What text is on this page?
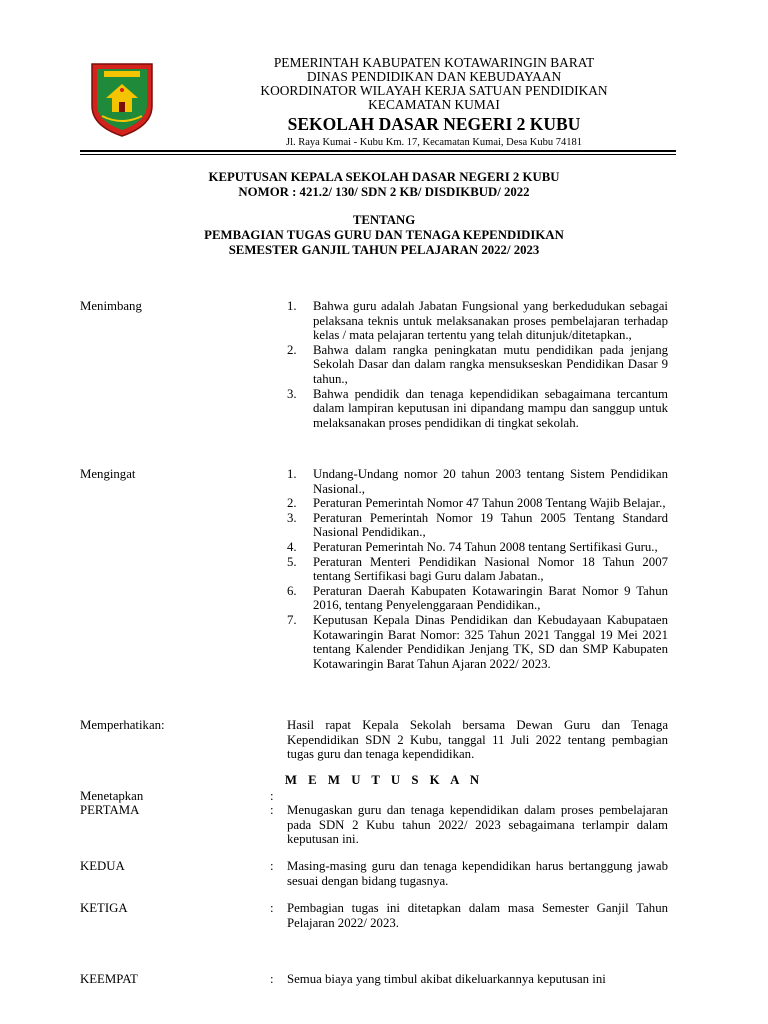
PEMERINTAH KABUPATEN KOTAWARINGIN BARAT
DINAS PENDIDIKAN DAN KEBUDAYAAN
KOORDINATOR WILAYAH KERJA SATUAN PENDIDIKAN
KECAMATAN KUMAI
SEKOLAH DASAR NEGERI 2 KUBU
Jl. Raya Kumai - Kubu Km. 17, Kecamatan Kumai, Desa Kubu 74181
KEPUTUSAN KEPALA SEKOLAH DASAR NEGERI 2 KUBU
NOMOR : 421.2/ 130/ SDN 2 KB/ DISDIKBUD/ 2022
TENTANG
PEMBAGIAN TUGAS GURU DAN TENAGA KEPENDIDIKAN
SEMESTER GANJIL TAHUN PELAJARAN 2022/ 2023
Menimbang	1. Bahwa guru adalah Jabatan Fungsional yang berkedudukan sebagai pelaksana teknis untuk melaksanakan proses pembelajaran terhadap kelas / mata pelajaran tertentu yang telah ditunjuk/ditetapkan.,
2. Bahwa dalam rangka peningkatan mutu pendidikan pada jenjang Sekolah Dasar dan dalam rangka mensukseskan Pendidikan Dasar 9 tahun.,
3. Bahwa pendidik dan tenaga kependidikan sebagaimana tercantum dalam lampiran keputusan ini dipandang mampu dan sanggup untuk melaksanakan proses pendidikan di tingkat sekolah.
Mengingat	1. Undang-Undang nomor 20 tahun 2003 tentang Sistem Pendidikan Nasional.,
2. Peraturan Pemerintah Nomor 47 Tahun 2008 Tentang Wajib Belajar.,
3. Peraturan Pemerintah Nomor 19 Tahun 2005 Tentang Standard Nasional Pendidikan.,
4. Peraturan Pemerintah No. 74 Tahun 2008 tentang Sertifikasi Guru.,
5. Peraturan Menteri Pendidikan Nasional Nomor 18 Tahun 2007 tentang Sertifikasi bagi Guru dalam Jabatan.,
6. Peraturan Daerah Kabupaten Kotawaringin Barat Nomor 9 Tahun 2016, tentang Penyelenggaraan Pendidikan.,
7. Keputusan Kepala Dinas Pendidikan dan Kebudayaan Kabupataen Kotawaringin Barat Nomor: 325 Tahun 2021 Tanggal 19 Mei 2021 tentang Kalender Pendidikan Jenjang TK, SD dan SMP Kabupaten Kotawaringin Barat Tahun Ajaran 2022/ 2023.
Memperhatikan:	Hasil rapat Kepala Sekolah bersama Dewan Guru dan Tenaga Kependidikan SDN 2 Kubu, tanggal 11 Juli 2022 tentang pembagian tugas guru dan tenaga kependidikan.
M E M U T U S K A N
Menetapkan	:
PERTAMA	: Menugaskan guru dan tenaga kependidikan dalam proses pembelajaran pada SDN 2 Kubu tahun 2022/ 2023 sebagaimana terlampir dalam keputusan ini.
KEDUA	: Masing-masing guru dan tenaga kependidikan harus bertanggung jawab sesuai dengan bidang tugasnya.
KETIGA	: Pembagian tugas ini ditetapkan dalam masa Semester Ganjil Tahun Pelajaran 2022/ 2023.
KEEMPAT	: Semua biaya yang timbul akibat dikeluarkannya keputusan ini
